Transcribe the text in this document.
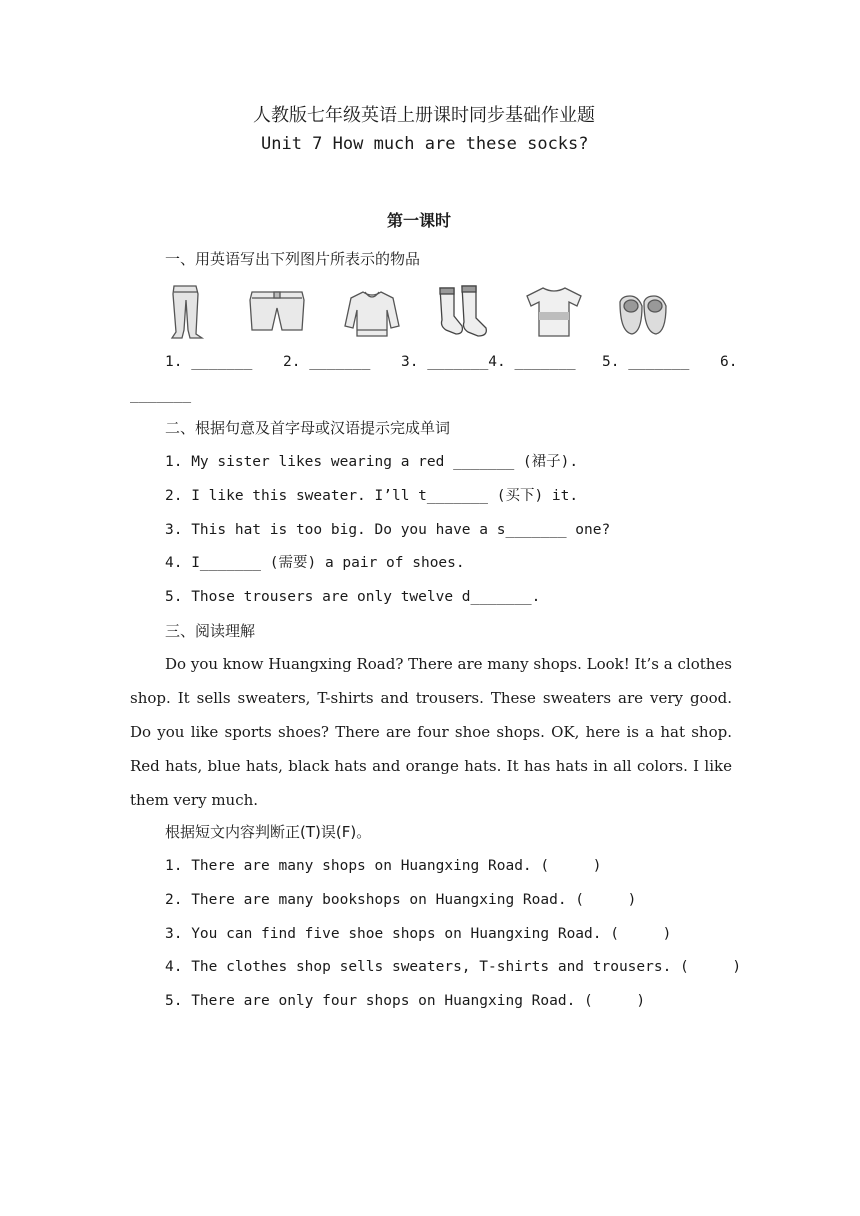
人教版七年级英语上册课时同步基础作业题
Unit 7 How much are these socks?
第一课时
一、用英语写出下列图片所表示的物品
1. _______ 2. _______ 3. _______4. _______ 5. _______ 6.
_______
二、根据句意及首字母或汉语提示完成单词
1. My sister likes wearing a red _______ (裙子).
2. I like this sweater. I’ll t_______ (买下) it.
3. This hat is too big. Do you have a s_______ one?
4. I_______ (需要) a pair of shoes.
5. Those trousers are only twelve d_______.
三、阅读理解
Do you know Huangxing Road? There are many shops. Look! It’s a clothes shop. It sells sweaters, T-shirts and trousers. These sweaters are very good. Do you like sports shoes? There are four shoe shops. OK, here is a hat shop. Red hats, blue hats, black hats and orange hats. It has hats in all colors. I like them very much.
根据短文内容判断正(T)误(F)。
1. There are many shops on Huangxing Road. (     )
2. There are many bookshops on Huangxing Road. (     )
3. You can find five shoe shops on Huangxing Road. (     )
4. The clothes shop sells sweaters, T-shirts and trousers. (     )
5. There are only four shops on Huangxing Road. (     )
